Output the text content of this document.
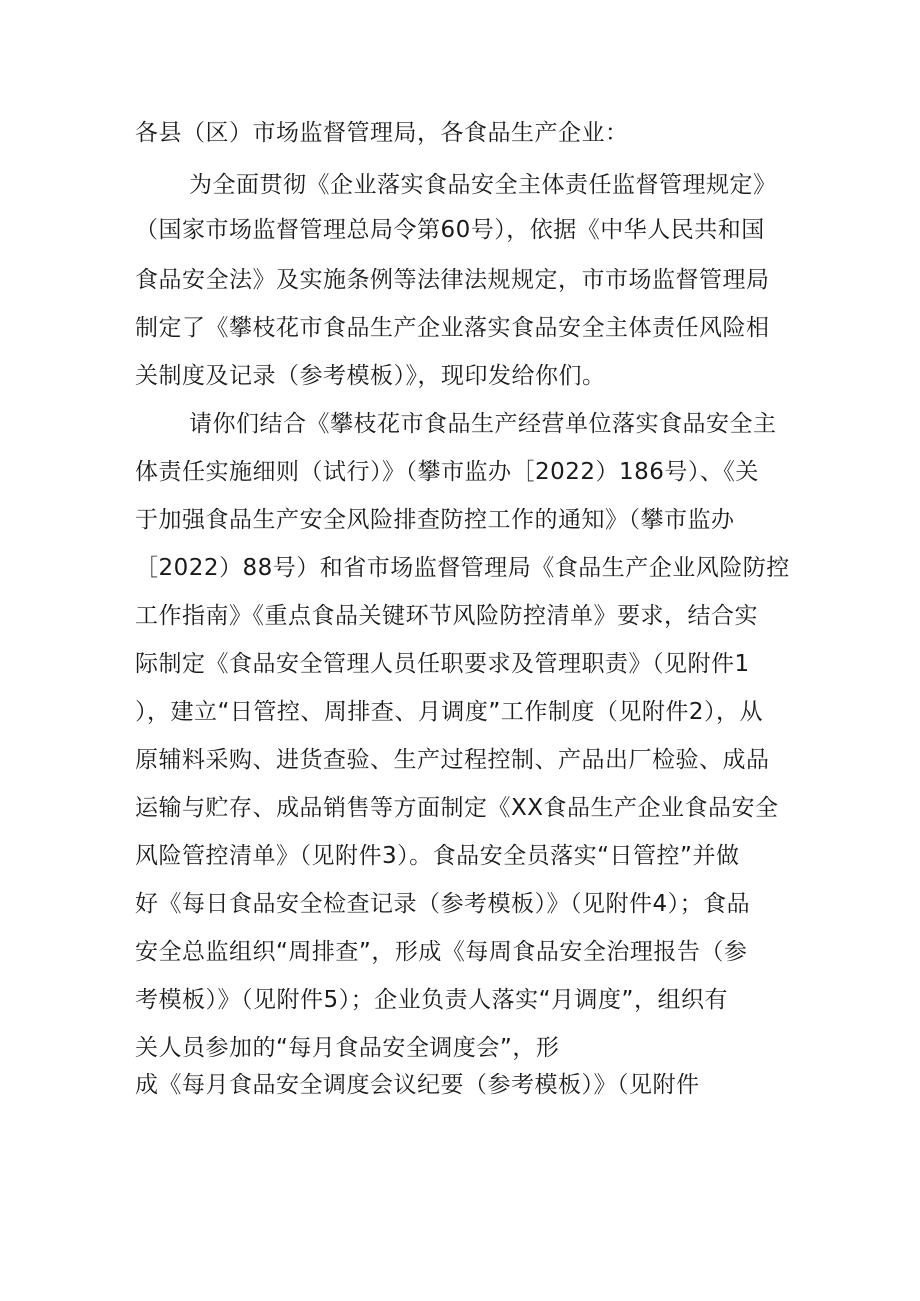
各县（区）市场监督管理局，各食品生产企业：
为全面贯彻《企业落实食品安全主体责任监督管理规定》
（国家市场监督管理总局令第60号），依据《中华人民共和国
食品安全法》及实施条例等法律法规规定，市市场监督管理局
制定了《攀枝花市食品生产企业落实食品安全主体责任风险相
关制度及记录（参考模板）》，现印发给你们。
请你们结合《攀枝花市食品生产经营单位落实食品安全主
体责任实施细则（试行）》（攀市监办［2022）186号）、《关
于加强食品生产安全风险排查防控工作的通知》（攀市监办
［2022）88号）和省市场监督管理局《食品生产企业风险防控
工作指南》《重点食品关键环节风险防控清单》要求，结合实
际制定《食品安全管理人员任职要求及管理职责》（见附件1
），建立“日管控、周排查、月调度”工作制度（见附件2），从
原辅料采购、进货查验、生产过程控制、产品出厂检验、成品
运输与贮存、成品销售等方面制定《XX食品生产企业食品安全
风险管控清单》（见附件3）。食品安全员落实“日管控”并做
好《每日食品安全检查记录（参考模板）》（见附件4）；食品
安全总监组织“周排查”，形成《每周食品安全治理报告（参
考模板）》（见附件5）；企业负责人落实“月调度”，组织有
关人员参加的“每月食品安全调度会”，形
成《每月食品安全调度会议纪要（参考模板）》（见附件
